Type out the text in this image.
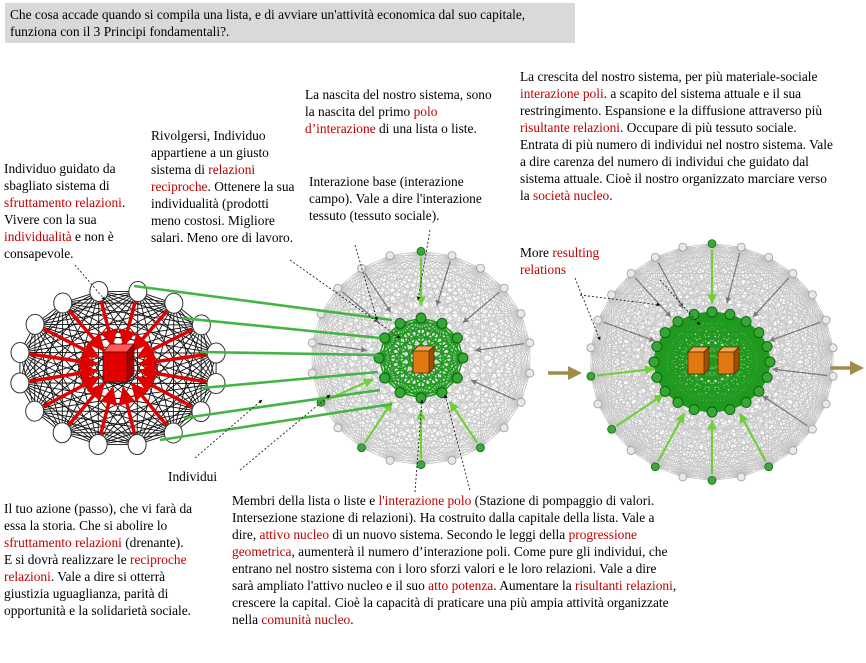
Che cosa accade quando si compila una lista, e di avviare un'attività economica dal suo capitale, funziona con il 3 Principi fondamentali?.
Individuo guidato da sbagliato sistema di sfruttamento relazioni. Vivere con la sua individualità e non è consapevole.
Rivolgersi, Individuo appartiene a un giusto sistema di relazioni reciproche. Ottenere la sua individualità (prodotti meno costosi. Migliore salari. Meno ore di lavoro.
La nascita del nostro sistema, sono la nascita del primo polo d’interazione di una lista o liste.
Interazione base (interazione campo). Vale a dire l'interazione tessuto (tessuto sociale).
La crescita del nostro sistema, per più materiale-sociale interazione poli. a scapito del sistema attuale e il sua restringimento. Espansione e la diffusione attraverso più risultante relazioni. Occupare di più tessuto sociale. Entrata di più numero di individui nel nostro sistema. Vale a dire carenza del numero di individui che guidato dal sistema attuale. Cioè il nostro organizzato marciare verso la società nucleo.
More resulting
relations
Individui
Il tuo azione (passo), che vi farà da essa la storia. Che si abolire lo sfruttamento relazioni (drenante). E si dovrà realizzare le reciproche relazioni. Vale a dire si otterrà giustizia uguaglianza, parità di opportunità e la solidarietà sociale.
Membri della lista o liste e l'interazione polo (Stazione di pompaggio di valori. Intersezione stazione di relazioni). Ha costruito dalla capitale della lista. Vale a dire, attivo nucleo di un nuovo sistema. Secondo le leggi della progressione geometrica, aumenterà il numero d’interazione poli. Come pure gli individui, che entrano nel nostro sistema con i loro sforzi valori e le loro relazioni. Vale a dire sarà ampliato l'attivo nucleo e il suo atto potenza. Aumentare la risultanti relazioni, crescere la capital. Cioè la capacità di praticare una più ampia attività organizzate nella comunità nucleo.
